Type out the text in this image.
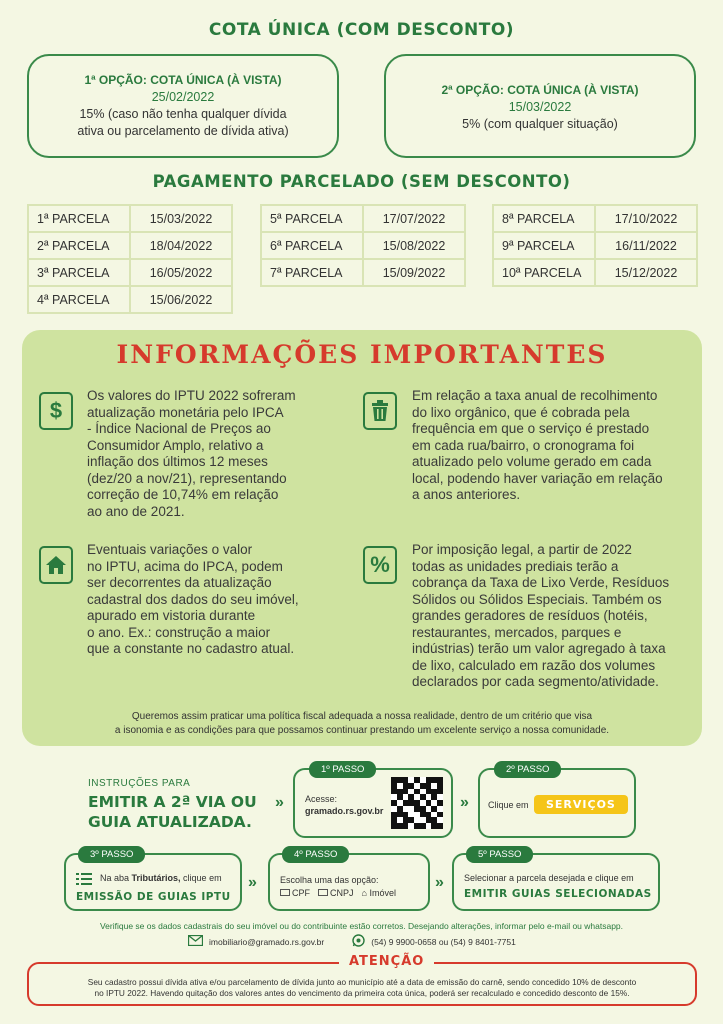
COTA ÚNICA (COM DESCONTO)
1ª OPÇÃO: COTA ÚNICA (À VISTA)
25/02/2022
15% (caso não tenha qualquer dívida
ativa ou parcelamento de dívida ativa)
2ª OPÇÃO: COTA ÚNICA (À VISTA)
15/03/2022
5% (com qualquer situação)
PAGAMENTO PARCELADO (SEM DESCONTO)
1ª PARCELA	15/03/2022
2ª PARCELA	18/04/2022
3ª PARCELA	16/05/2022
4ª PARCELA	15/06/2022
5ª PARCELA	17/07/2022
6ª PARCELA	15/08/2022
7ª PARCELA	15/09/2022
8ª PARCELA	17/10/2022
9ª PARCELA	16/11/2022
10ª PARCELA	15/12/2022
INFORMAÇÕES IMPORTANTES
$
Os valores do IPTU 2022 sofreram
atualização monetária pelo IPCA
- Índice Nacional de Preços ao
Consumidor Amplo, relativo a
inflação dos últimos 12 meses
(dez/20 a nov/21), representando
correção de 10,74% em relação
ao ano de 2021.
Em relação a taxa anual de recolhimento
do lixo orgânico, que é cobrada pela
frequência em que o serviço é prestado
em cada rua/bairro, o cronograma foi
atualizado pelo volume gerado em cada
local, podendo haver variação em relação
a anos anteriores.
Eventuais variações o valor
no IPTU, acima do IPCA, podem
ser decorrentes da atualização
cadastral dos dados do seu imóvel,
apurado em vistoria durante
o ano. Ex.: construção a maior
que a constante no cadastro atual.
%
Por imposição legal, a partir de 2022
todas as unidades prediais terão a
cobrança da Taxa de Lixo Verde, Resíduos
Sólidos ou Sólidos Especiais. Também os
grandes geradores de resíduos (hotéis,
restaurantes, mercados, parques e
indústrias) terão um valor agregado à taxa
de lixo, calculado em razão dos volumes
declarados por cada segmento/atividade.
Queremos assim praticar uma política fiscal adequada a nossa realidade, dentro de um critério que visa
a isonomia e as condições para que possamos continuar prestando um excelente serviço a nossa comunidade.
INSTRUÇÕES PARA
EMITIR A 2ª VIA OU
GUIA ATUALIZADA.
»
1º PASSO
Acesse:
gramado.rs.gov.br	»
2º PASSO
Clique em	SERVIÇOS
3º PASSO
Na aba Tributários, clique em
EMISSÃO DE GUIAS IPTU
»
4º PASSO
Escolha uma das opção:
CPF	CNPJ ⌂ Imóvel
»
5º PASSO
Selecionar a parcela desejada e clique em
EMITIR GUIAS SELECIONADAS
Verifique se os dados cadastrais do seu imóvel ou do contribuinte estão corretos. Desejando alterações, informar pelo e-mail ou whatsapp.
imobiliario@gramado.rs.gov.br	(54) 9 9900-0658 ou (54) 9 8401-7751
ATENÇÃO
Seu cadastro possui dívida ativa e/ou parcelamento de dívida junto ao município até a data de emissão do carnê, sendo concedido 10% de desconto
no IPTU 2022. Havendo quitação dos valores antes do vencimento da primeira cota única, poderá ser recalculado e concedido desconto de 15%.
